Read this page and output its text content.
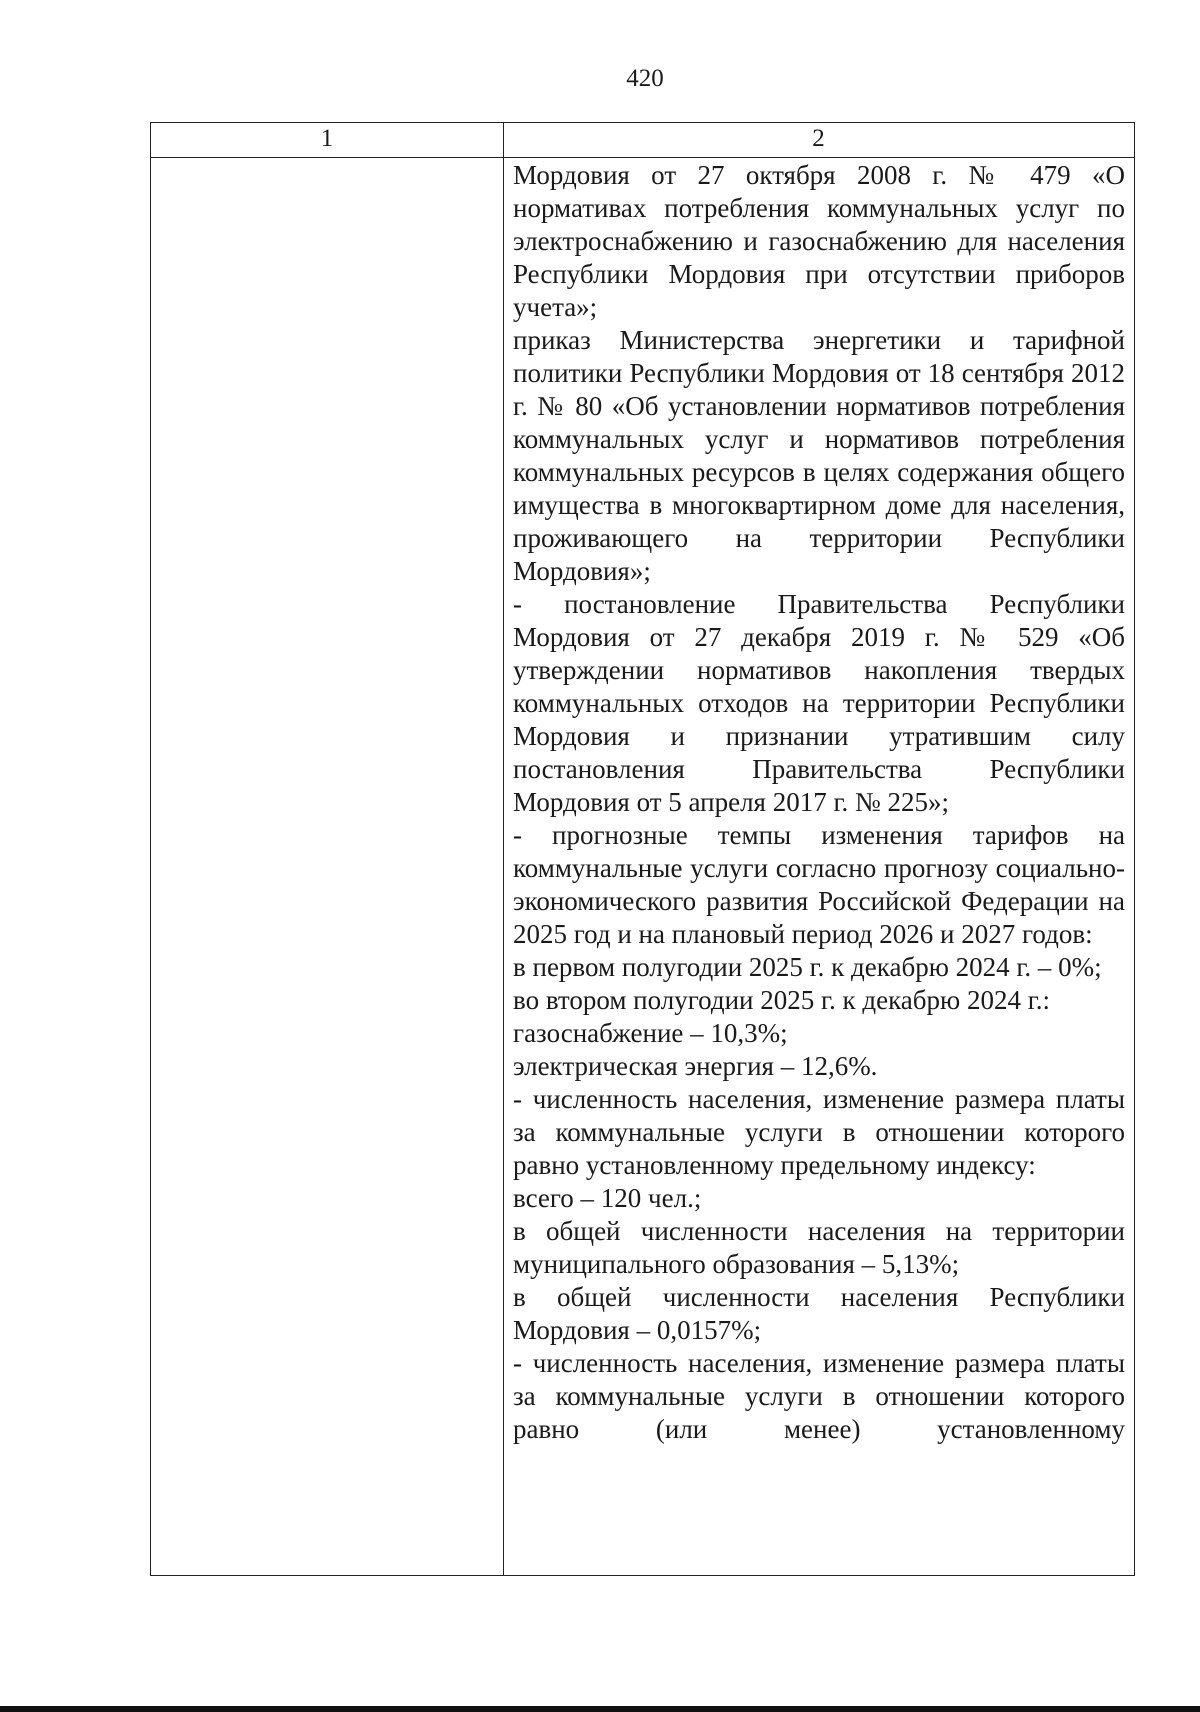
420
1	2

Мордовия от 27 октября 2008 г. № 479 «О нормативах потребления коммунальных услуг по электроснабжению и газоснабжению для населения Республики Мордовия при отсутствии приборов учета»;

приказ Министерства энергетики и тарифной политики Республики Мордовия от 18 сентября 2012 г. № 80 «Об установлении нормативов потребления коммунальных услуг и нормативов потребления коммунальных ресурсов в целях содержания общего имущества в многоквартирном доме для населения, проживающего на территории Республики Мордовия»;

- постановление Правительства Республики Мордовия от 27 декабря 2019 г. № 529 «Об утверждении нормативов накопления твердых коммунальных отходов на территории Республики Мордовия и признании утратившим силу постановления Правительства Республики Мордовия от 5 апреля 2017 г. № 225»;

- прогнозные темпы изменения тарифов на коммунальные услуги согласно прогнозу социально-экономического развития Российской Федерации на 2025 год и на плановый период 2026 и 2027 годов:

в первом полугодии 2025 г. к декабрю 2024 г. – 0%;

во втором полугодии 2025 г. к декабрю 2024 г.:

газоснабжение – 10,3%;

электрическая энергия – 12,6%.

- численность населения, изменение размера платы за коммунальные услуги в отношении которого равно установленному предельному индексу:

всего – 120 чел.;

в общей численности населения на территории муниципального образования – 5,13%;

в общей численности населения Республики Мордовия – 0,0157%;

- численность населения, изменение размера платы за коммунальные услуги в отношении которого равно (или менее) установленному
